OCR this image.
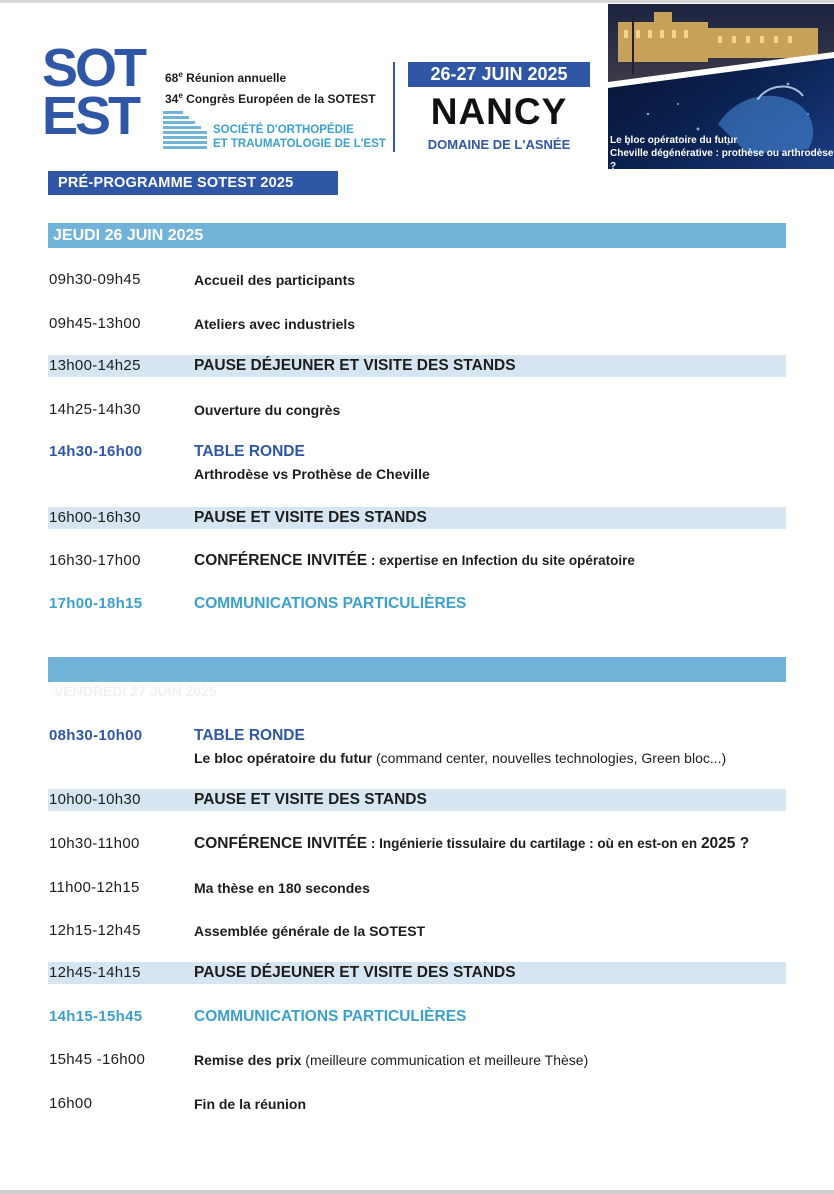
SOT
EST
68e Réunion annuelle
34e Congrès Européen de la SOTEST
SOCIÉTÉ D'ORTHOPÉDIE
ET TRAUMATOLOGIE DE L'EST
26-27 JUIN 2025
NANCY
DOMAINE DE L'ASNÉE	Le bloc opératoire du futur
Cheville dégénérative : prothèse ou arthrodèse ?
PRÉ-PROGRAMME SOTEST 2025
JEUDI 26 JUIN 2025
09h30-09h45	Accueil des participants
09h45-13h00	Ateliers avec industriels
13h00-14h25	PAUSE DÉJEUNER ET VISITE DES STANDS
14h25-14h30	Ouverture du congrès
14h30-16h00	TABLE RONDE
Arthrodèse vs Prothèse de Cheville
16h00-16h30	PAUSE ET VISITE DES STANDS
16h30-17h00	CONFÉRENCE INVITÉE : expertise en Infection du site opératoire
17h00-18h15	COMMUNICATIONS PARTICULIÈRES
VENDREDI 27 JUIN 2025
08h30-10h00	TABLE RONDE
Le bloc opératoire du futur (command center, nouvelles technologies, Green bloc...)
10h00-10h30	PAUSE ET VISITE DES STANDS
10h30-11h00	CONFÉRENCE INVITÉE : Ingénierie tissulaire du cartilage : où en est-on en 2025 ?
11h00-12h15	Ma thèse en 180 secondes
12h15-12h45	Assemblée générale de la SOTEST
12h45-14h15	PAUSE DÉJEUNER ET VISITE DES STANDS
14h15-15h45	COMMUNICATIONS PARTICULIÈRES
15h45 -16h00	Remise des prix (meilleure communication et meilleure Thèse)
16h00	Fin de la réunion
